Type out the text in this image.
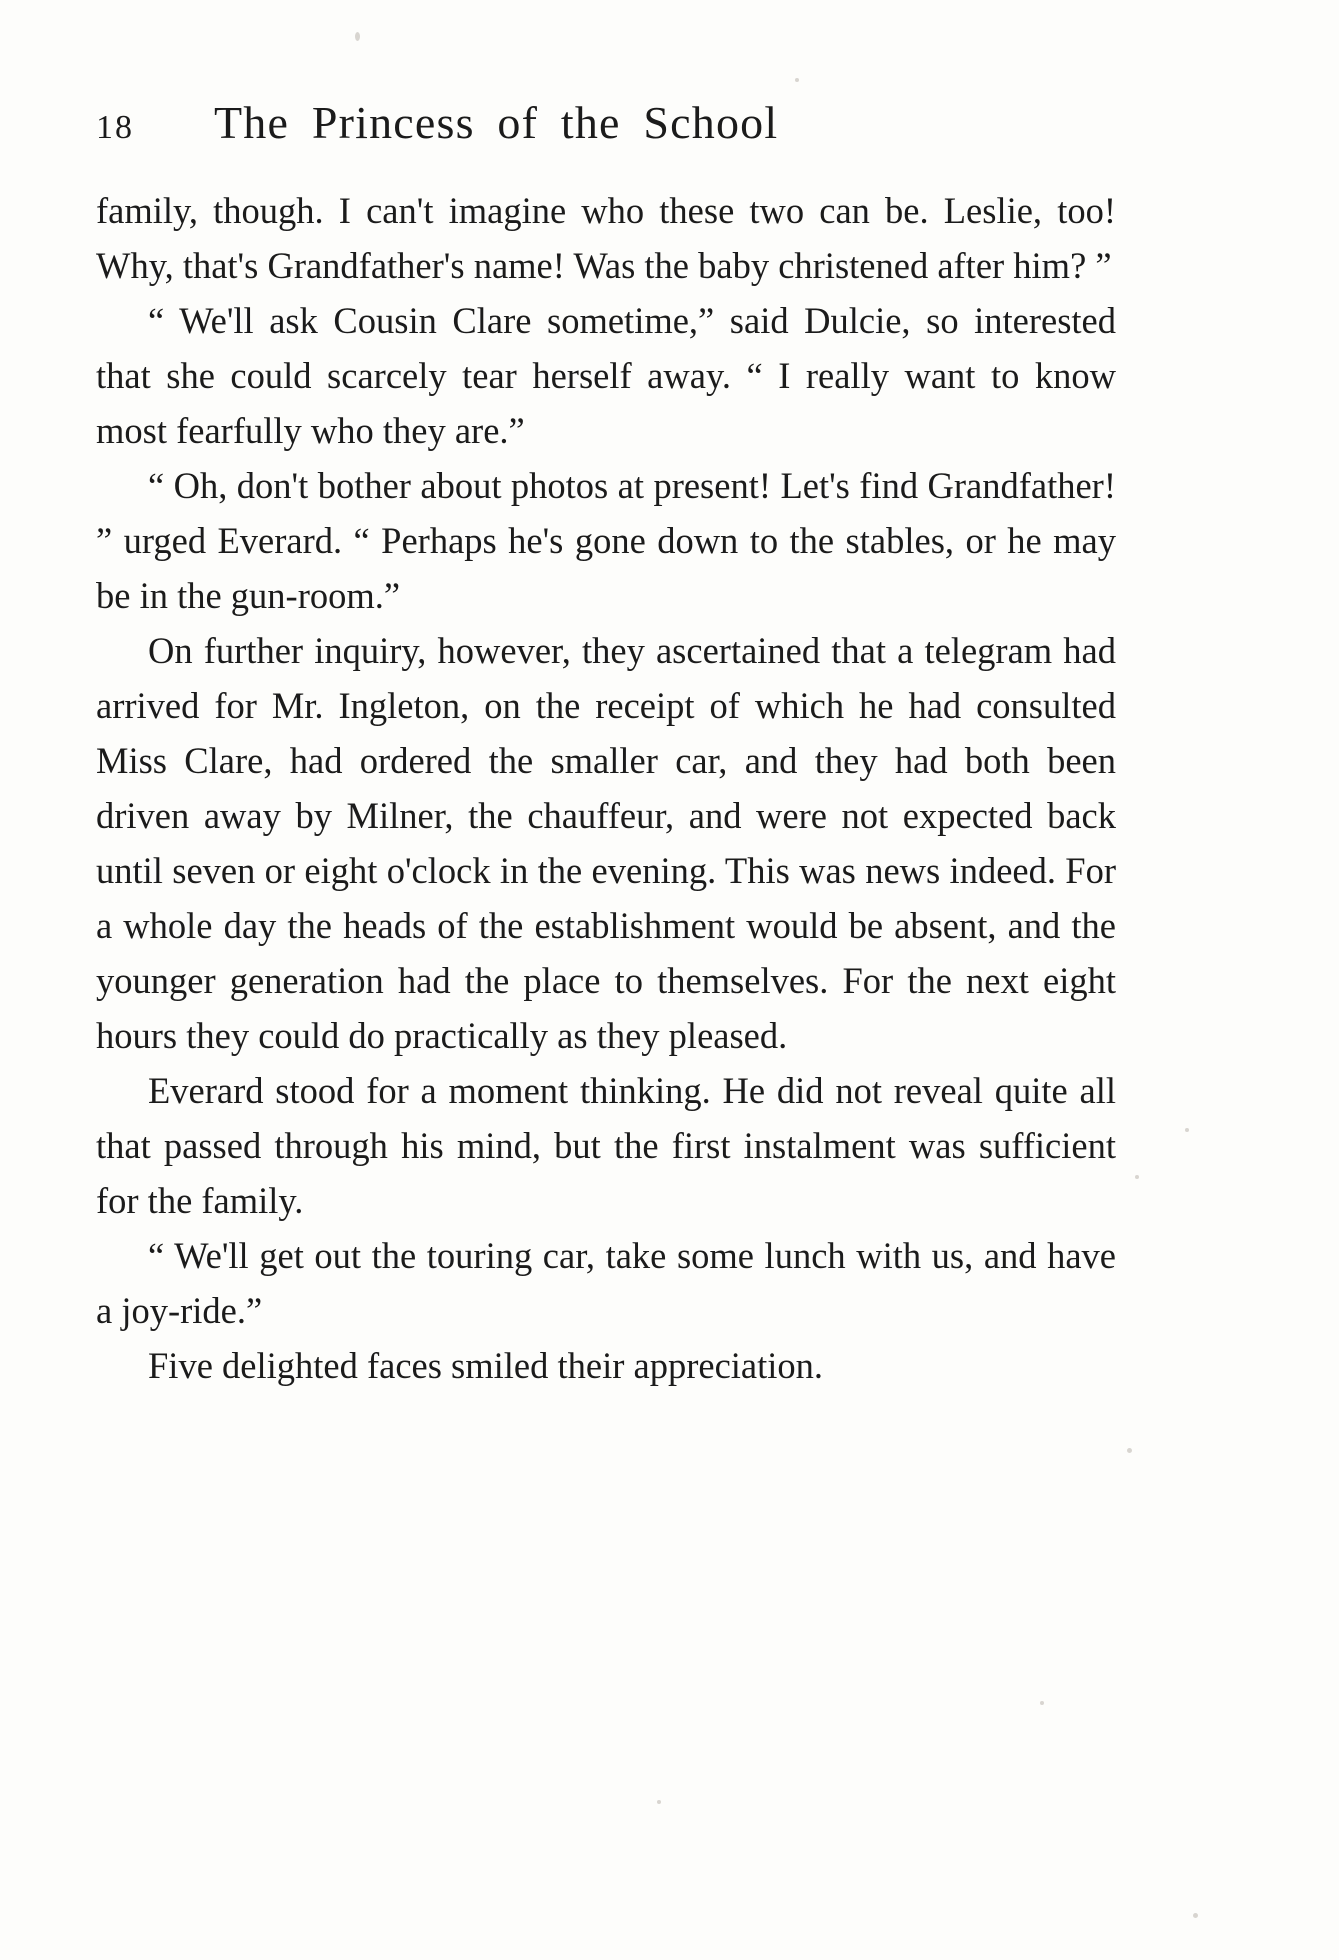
18	The Princess of the School

family, though. I can't imagine who these two can be. Leslie, too! Why, that's Grandfather's name! Was the baby christened after him? ”

“ We'll ask Cousin Clare sometime,” said Dulcie, so interested that she could scarcely tear herself away. “ I really want to know most fearfully who they are.”

“ Oh, don't bother about photos at present! Let's find Grandfather! ” urged Everard. “ Perhaps he's gone down to the stables, or he may be in the gun-room.”

On further inquiry, however, they ascertained that a telegram had arrived for Mr. Ingleton, on the receipt of which he had consulted Miss Clare, had ordered the smaller car, and they had both been driven away by Milner, the chauffeur, and were not expected back until seven or eight o'clock in the evening. This was news indeed. For a whole day the heads of the establishment would be absent, and the younger generation had the place to themselves. For the next eight hours they could do practically as they pleased.

Everard stood for a moment thinking. He did not reveal quite all that passed through his mind, but the first instalment was sufficient for the family.

“ We'll get out the touring car, take some lunch with us, and have a joy-ride.”

Five delighted faces smiled their appreciation.
